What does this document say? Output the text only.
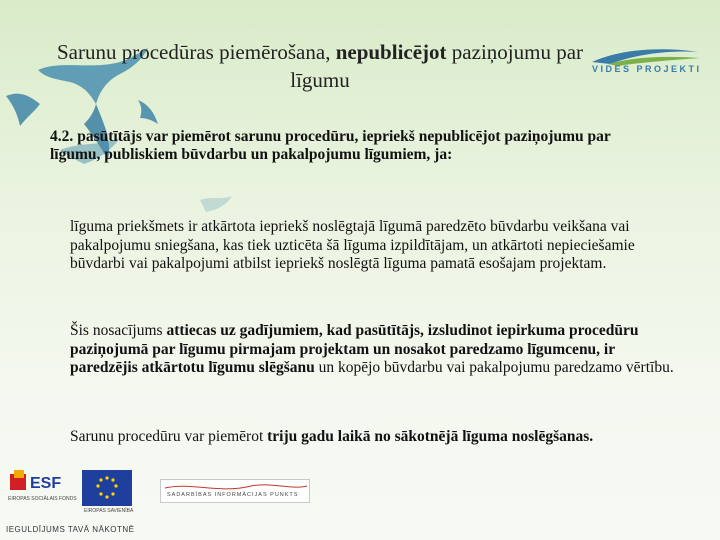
Sarunu procedūras piemērošana, nepublicējot paziņojumu par līgumu	VIDES PROJEKTI
4.2. pasūtītājs var piemērot sarunu procedūru, iepriekš nepublicējot paziņojumu par līgumu, publiskiem būvdarbu un pakalpojumu līgumiem, ja:
līguma priekšmets ir atkārtota iepriekš noslēgtajā līgumā paredzēto būvdarbu veikšana vai pakalpojumu sniegšana, kas tiek uzticēta šā līguma izpildītājam, un atkārtoti nepieciešamie būvdarbi vai pakalpojumi atbilst iepriekš noslēgtā līguma pamatā esošajam projektam.
Šis nosacījums attiecas uz gadījumiem, kad pasūtītājs, izsludinot iepirkuma procedūru paziņojumā par līgumu pirmajam projektam un nosakot paredzamo līgumcenu, ir paredzējis atkārtotu līgumu slēgšanu un kopējo būvdarbu vai pakalpojumu paredzamo vērtību.
Sarunu procedūru var piemērot triju gadu laikā no sākotnējā līguma noslēgšanas.
ESF
EIROPAS SOCIĀLAIS FONDS
EIROPAS SAVIENĪBA
SADARBĪBAS INFORMĀCIJAS PUNKTS
IEGULDĪJUMS TAVĀ NĀKOTNĒ
